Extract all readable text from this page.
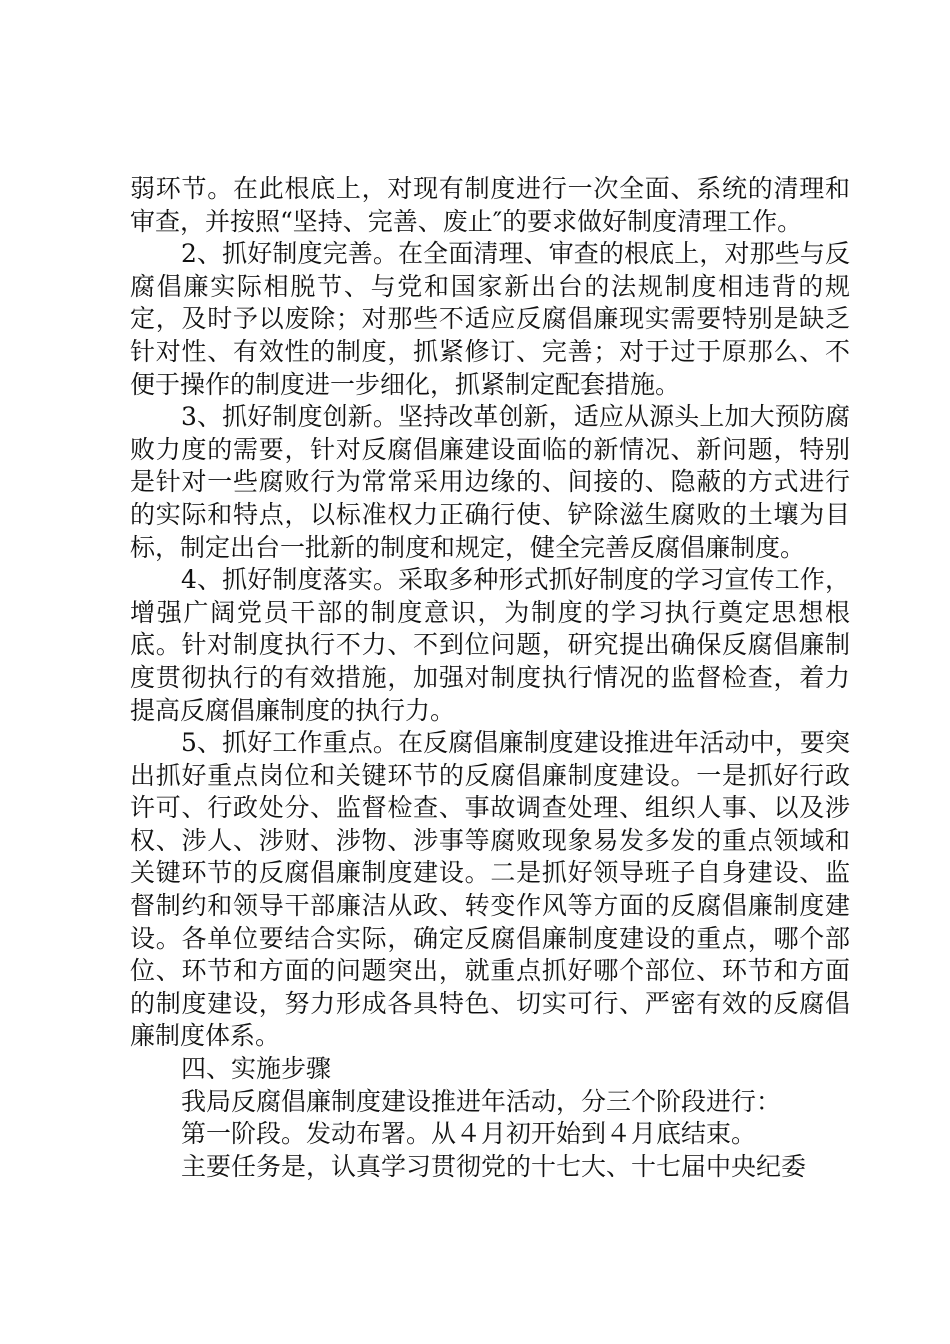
弱环节。在此根底上，对现有制度进行一次全面、系统的清理和审查，并按照“坚持、完善、废止″的要求做好制度清理工作。

2、抓好制度完善。在全面清理、审查的根底上，对那些与反腐倡廉实际相脱节、与党和国家新出台的法规制度相违背的规定，及时予以废除；对那些不适应反腐倡廉现实需要特别是缺乏针对性、有效性的制度，抓紧修订、完善；对于过于原那么、不便于操作的制度进一步细化，抓紧制定配套措施。

3、抓好制度创新。坚持改革创新，适应从源头上加大预防腐败力度的需要，针对反腐倡廉建设面临的新情况、新问题，特别是针对一些腐败行为常常采用边缘的、间接的、隐蔽的方式进行的实际和特点，以标准权力正确行使、铲除滋生腐败的土壤为目标，制定出台一批新的制度和规定，健全完善反腐倡廉制度。

4、抓好制度落实。采取多种形式抓好制度的学习宣传工作，增强广阔党员干部的制度意识，为制度的学习执行奠定思想根底。针对制度执行不力、不到位问题，研究提出确保反腐倡廉制度贯彻执行的有效措施，加强对制度执行情况的监督检查，着力提高反腐倡廉制度的执行力。

5、抓好工作重点。在反腐倡廉制度建设推进年活动中，要突出抓好重点岗位和关键环节的反腐倡廉制度建设。一是抓好行政许可、行政处分、监督检查、事故调查处理、组织人事、以及涉权、涉人、涉财、涉物、涉事等腐败现象易发多发的重点领域和关键环节的反腐倡廉制度建设。二是抓好领导班子自身建设、监督制约和领导干部廉洁从政、转变作风等方面的反腐倡廉制度建设。各单位要结合实际，确定反腐倡廉制度建设的重点，哪个部位、环节和方面的问题突出，就重点抓好哪个部位、环节和方面的制度建设，努力形成各具特色、切实可行、严密有效的反腐倡廉制度体系。

四、实施步骤

我局反腐倡廉制度建设推进年活动，分三个阶段进行：

第一阶段。发动布署。从４月初开始到４月底结束。

主要任务是，认真学习贯彻党的十七大、十七届中央纪委
